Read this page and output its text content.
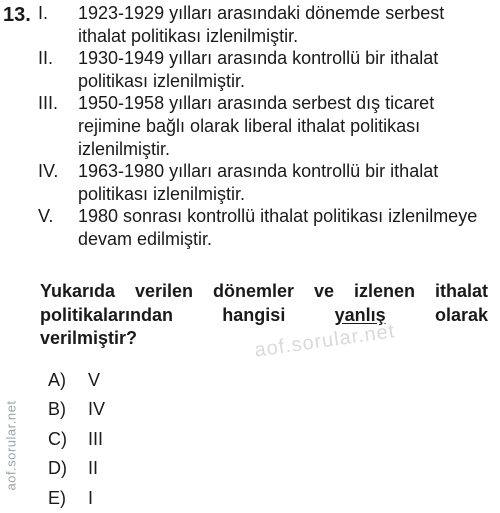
13. I.	1923-1929 yılları arasındaki dönemde serbest ithalat politikası izlenilmiştir.
II.	1930-1949 yılları arasında kontrollü bir ithalat politikası izlenilmiştir.
III.	1950-1958 yılları arasında serbest dış ticaret rejimine bağlı olarak liberal ithalat politikası izlenilmiştir.
IV.	1963-1980 yılları arasında kontrollü bir ithalat politikası izlenilmiştir.
V.	1980 sonrası kontrollü ithalat politikası izlenilmeye devam edilmiştir.
Yukarıda verilen dönemler ve izlenen ithalat
politikalarından hangisi	yanlış	olarak
verilmiştir?
A)	V
B)	IV
C)	III
D)	II
E)	I
aof.sorular.net
aof.sorular.net
